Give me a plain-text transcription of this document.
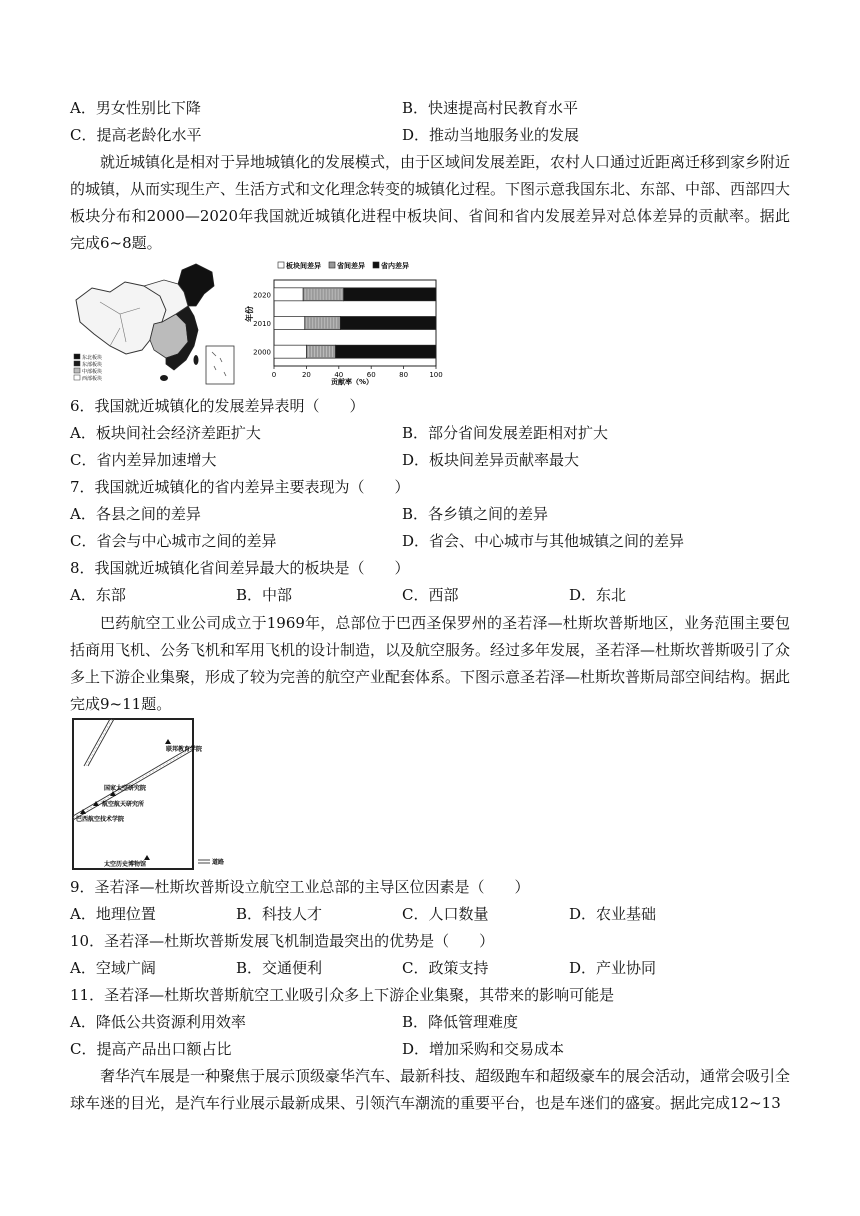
A．男女性别比下降	B．快速提高村民教育水平
C．提高老龄化水平	D．推动当地服务业的发展
就近城镇化是相对于异地城镇化的发展模式，由于区域间发展差距，农村人口通过近距离迁移到家乡附近的城镇，从而实现生产、生活方式和文化理念转变的城镇化过程。下图示意我国东北、东部、中部、西部四大板块分布和2000—2020年我国就近城镇化进程中板块间、省间和省内发展差异对总体差异的贡献率。据此完成6~8题。
东北板块
东部板块
中部板块
西部板块
板块间差异 省间差异 省内差异
0	20	40	60	80	100
2020
2010
2000
年份
贡献率（%）
6．我国就近城镇化的发展差异表明（　　）
A．板块间社会经济差距扩大	B．部分省间发展差距相对扩大
C．省内差异加速增大	D．板块间差异贡献率最大
7．我国就近城镇化的省内差异主要表现为（　　）
A．各县之间的差异	B．各乡镇之间的差异
C．省会与中心城市之间的差异	D．省会、中心城市与其他城镇之间的差异
8．我国就近城镇化省间差异最大的板块是（　　）
A．东部	B．中部	C．西部	D．东北
巴药航空工业公司成立于1969年，总部位于巴西圣保罗州的圣若泽—杜斯坎普斯地区，业务范围主要包括商用飞机、公务飞机和军用飞机的设计制造，以及航空服务。经过多年发展，圣若泽—杜斯坎普斯吸引了众多上下游企业集聚，形成了较为完善的航空产业配套体系。下图示意圣若泽—杜斯坎普斯局部空间结构。据此完成9~11题。
联邦教育学院
国家太空研究院
航空航天研究所
巴西航空技术学院
太空历史博物馆	道路
9．圣若泽—杜斯坎普斯设立航空工业总部的主导区位因素是（　　）
A．地理位置	B．科技人才	C．人口数量	D．农业基础
10．圣若泽—杜斯坎普斯发展飞机制造最突出的优势是（　　）
A．空域广阔	B．交通便利	C．政策支持	D．产业协同
11．圣若泽—杜斯坎普斯航空工业吸引众多上下游企业集聚，其带来的影响可能是
A．降低公共资源利用效率	B．降低管理难度
C．提高产品出口额占比	D．增加采购和交易成本
奢华汽车展是一种聚焦于展示顶级豪华汽车、最新科技、超级跑车和超级豪车的展会活动，通常会吸引全球车迷的目光，是汽车行业展示最新成果、引领汽车潮流的重要平台，也是车迷们的盛宴。据此完成12~13
